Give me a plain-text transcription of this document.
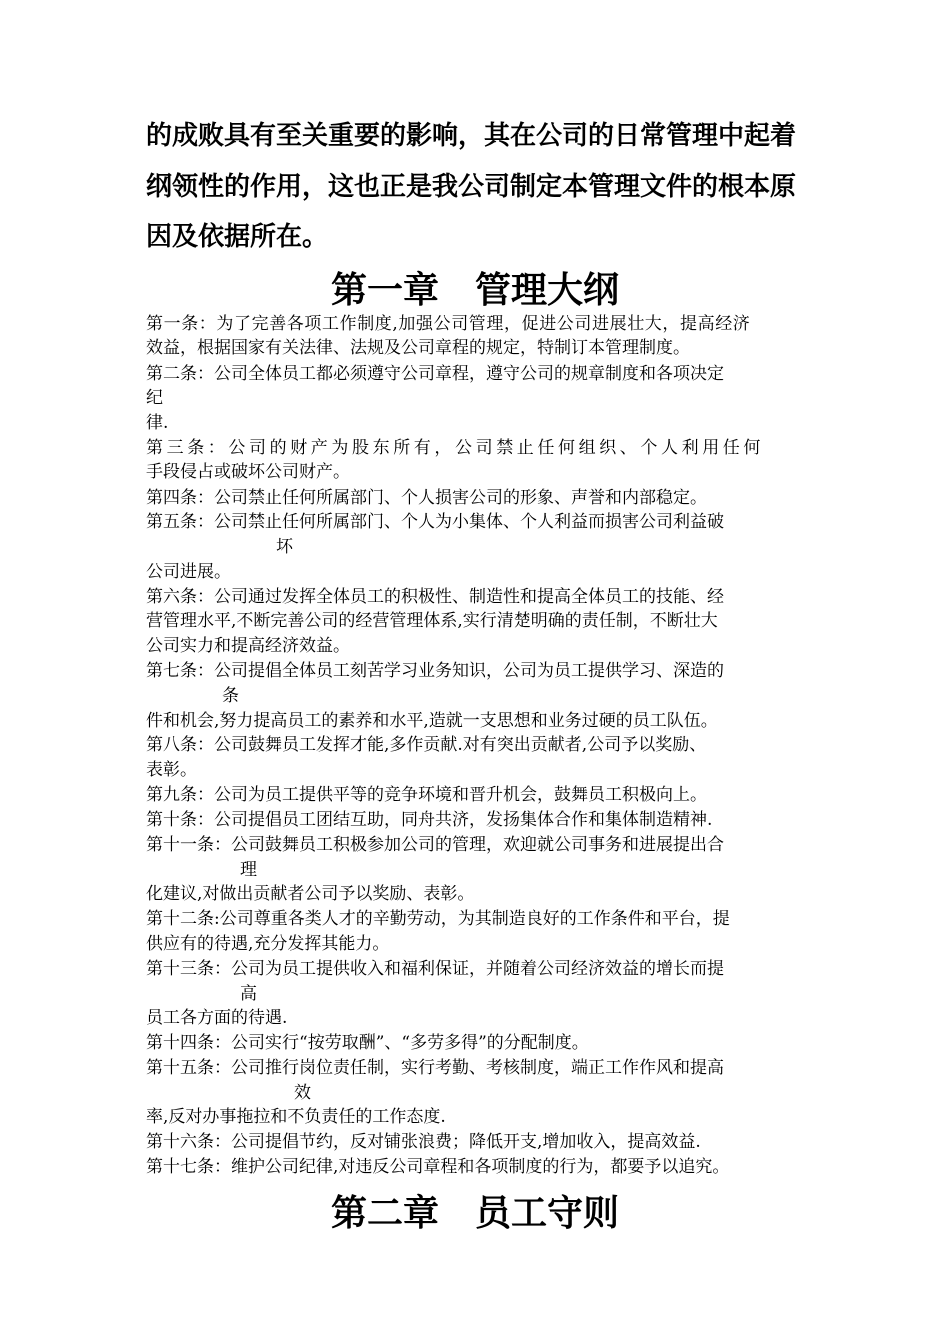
的成败具有至关重要的影响，其在公司的日常管理中起着
纲领性的作用，这也正是我公司制定本管理文件的根本原
因及依据所在。
第一章　管理大纲
第一条：为了完善各项工作制度,加强公司管理，促进公司进展壮大，提高经济
效益，根据国家有关法律、法规及公司章程的规定，特制订本管理制度。
第二条：公司全体员工都必须遵守公司章程，遵守公司的规章制度和各项决定
纪
律.
第三条：公司的财产为股东所有，公司禁止任何组织、个人利用任何
手段侵占或破坏公司财产。
第四条：公司禁止任何所属部门、个人损害公司的形象、声誉和内部稳定。
第五条：公司禁止任何所属部门、个人为小集体、个人利益而损害公司利益破
坏
公司进展。
第六条：公司通过发挥全体员工的积极性、制造性和提高全体员工的技能、经
营管理水平,不断完善公司的经营管理体系,实行清楚明确的责任制，不断壮大
公司实力和提高经济效益。
第七条：公司提倡全体员工刻苦学习业务知识，公司为员工提供学习、深造的
条
件和机会,努力提高员工的素养和水平,造就一支思想和业务过硬的员工队伍。
第八条：公司鼓舞员工发挥才能,多作贡献.对有突出贡献者,公司予以奖励、
表彰。
第九条：公司为员工提供平等的竞争环境和晋升机会，鼓舞员工积极向上。
第十条：公司提倡员工团结互助，同舟共济，发扬集体合作和集体制造精神.
第十一条：公司鼓舞员工积极参加公司的管理，欢迎就公司事务和进展提出合
理
化建议,对做出贡献者公司予以奖励、表彰。
第十二条:公司尊重各类人才的辛勤劳动，为其制造良好的工作条件和平台，提
供应有的待遇,充分发挥其能力。
第十三条：公司为员工提供收入和福利保证，并随着公司经济效益的增长而提
高
员工各方面的待遇.
第十四条：公司实行“按劳取酬”、“多劳多得”的分配制度。
第十五条：公司推行岗位责任制，实行考勤、考核制度，端正工作作风和提高
效
率,反对办事拖拉和不负责任的工作态度.
第十六条：公司提倡节约，反对铺张浪费；降低开支,增加收入，提高效益.
第十七条：维护公司纪律,对违反公司章程和各项制度的行为，都要予以追究。
第二章　员工守则
